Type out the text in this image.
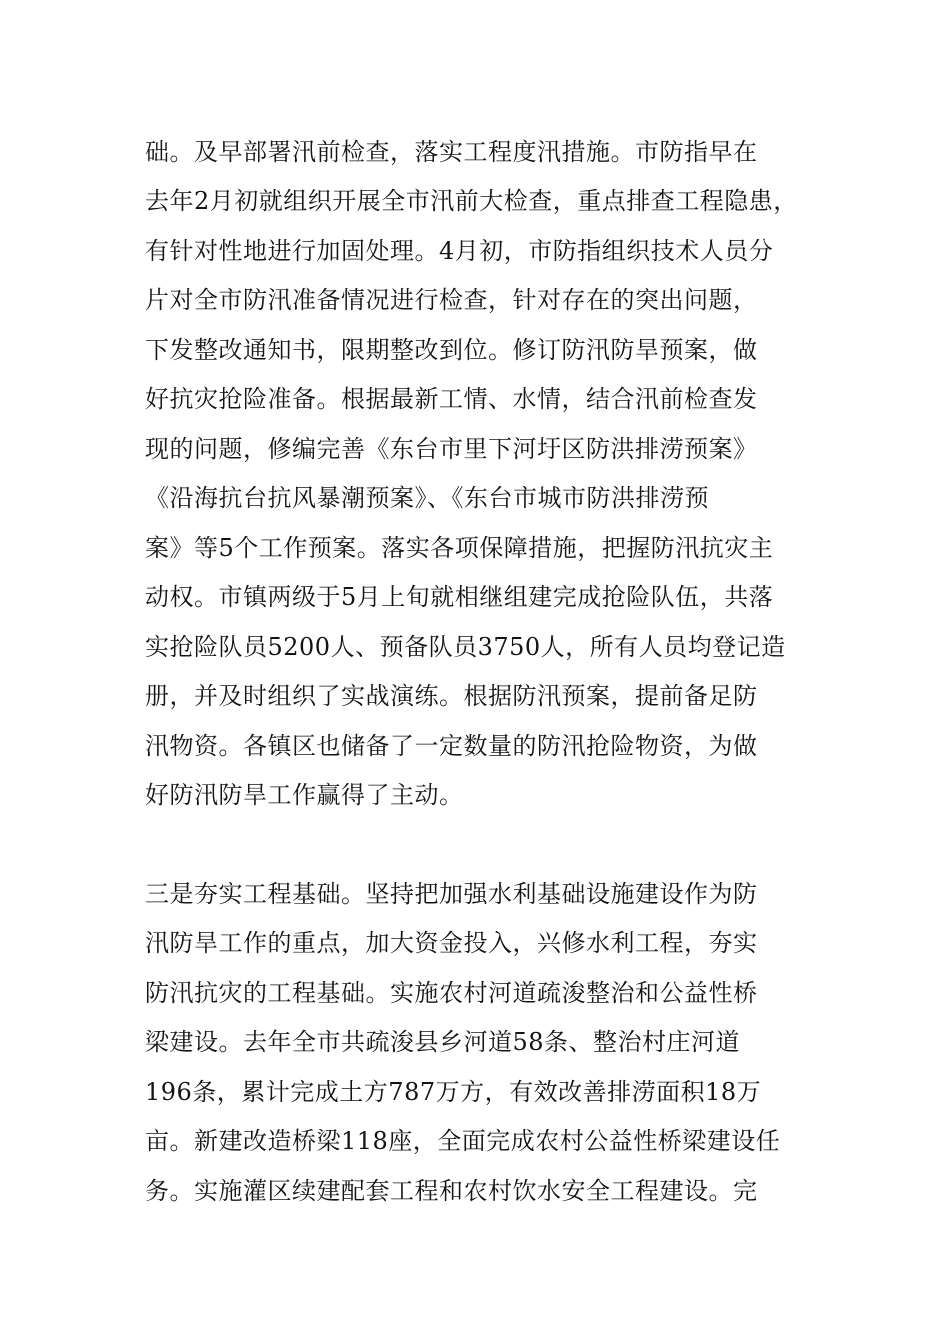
础。及早部署汛前检查，落实工程度汛措施。市防指早在
去年2月初就组织开展全市汛前大检查，重点排查工程隐患，
有针对性地进行加固处理。4月初，市防指组织技术人员分
片对全市防汛准备情况进行检查，针对存在的突出问题，
下发整改通知书，限期整改到位。修订防汛防旱预案，做
好抗灾抢险准备。根据最新工情、水情，结合汛前检查发
现的问题，修编完善《东台市里下河圩区防洪排涝预案》
《沿海抗台抗风暴潮预案》、《东台市城市防洪排涝预
案》等5个工作预案。落实各项保障措施，把握防汛抗灾主
动权。市镇两级于5月上旬就相继组建完成抢险队伍，共落
实抢险队员5200人、预备队员3750人，所有人员均登记造
册，并及时组织了实战演练。根据防汛预案，提前备足防
汛物资。各镇区也储备了一定数量的防汛抢险物资，为做
好防汛防旱工作赢得了主动。
三是夯实工程基础。坚持把加强水利基础设施建设作为防
汛防旱工作的重点，加大资金投入，兴修水利工程，夯实
防汛抗灾的工程基础。实施农村河道疏浚整治和公益性桥
梁建设。去年全市共疏浚县乡河道58条、整治村庄河道
196条，累计完成土方787万方，有效改善排涝面积18万
亩。新建改造桥梁118座，全面完成农村公益性桥梁建设任
务。实施灌区续建配套工程和农村饮水安全工程建设。完
